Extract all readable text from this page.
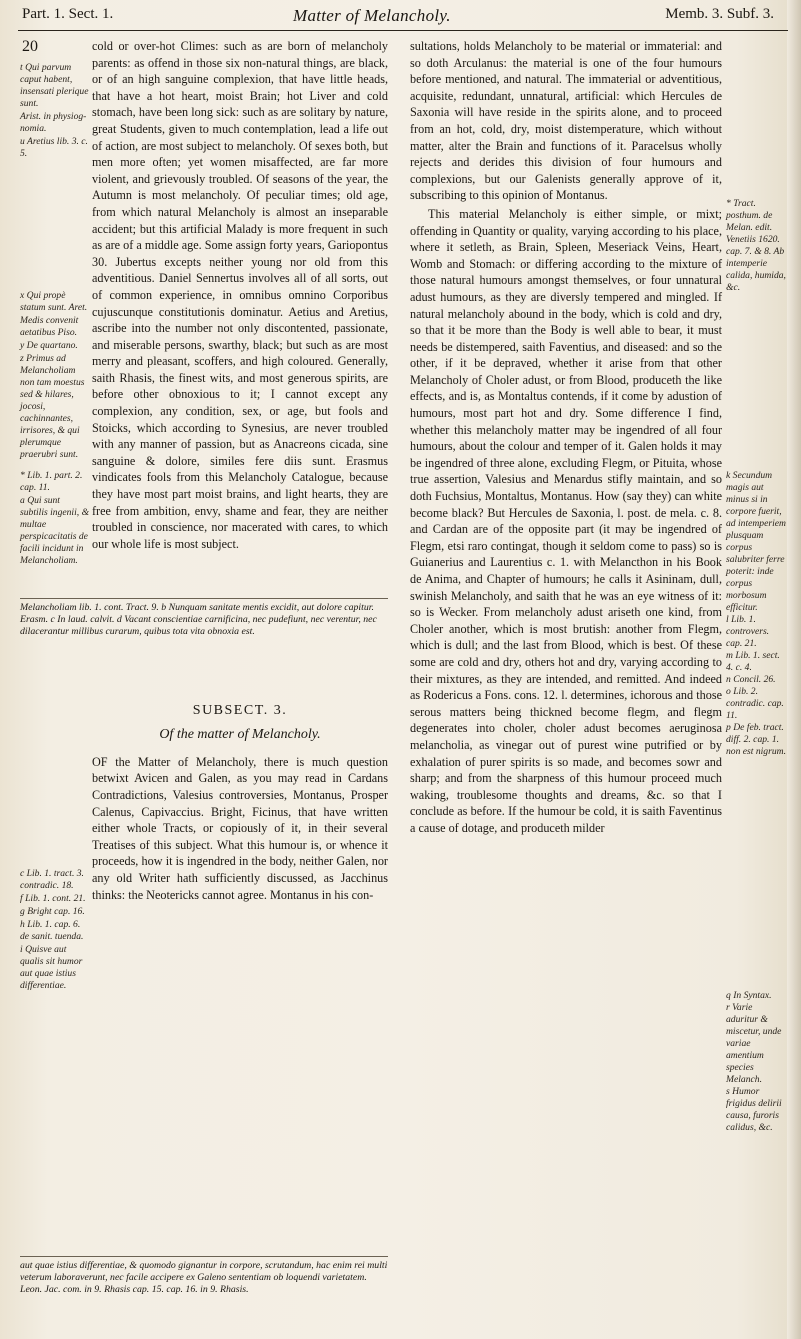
Part. 1. Sect. 1.	Matter of Melancholy.	Memb. 3. Subf. 3.
20
t Qui parvum caput habent, insensati plerique sunt.
Arist. in physiog-nomia.
u Aretius lib. 3. c. 5.
x Qui propè statum sunt. Aret.
Medis convenit aetatibus Piso.
y De quartano.
z Primus ad Melancholiam non tam moestus sed & hilares, jocosi, cachinnantes, irrisores, & qui plerumque praerubri sunt.
* Lib. 1. part. 2. cap. 11.
a Qui sunt subtilis ingenii, & multae perspicacitatis de facili incidunt in Melancholiam.
c Lib. 1. tract. 3. contradic. 18.
f Lib. 1. cont. 21.
g Bright cap. 16.
h Lib. 1. cap. 6. de sanit. tuenda.
i Quisve aut qualis sit humor aut quae istius differentiae.

cold or over-hot Climes: such as are born of melancholy parents: as offend in those six non-natural things, are black, or of an high sanguine complexion, that have little heads, that have a hot heart, moist Brain; hot Liver and cold stomach, have been long sick: such as are solitary by nature, great Students, given to much contemplation, lead a life out of action, are most subject to melancholy. Of sexes both, but men more often; yet women misaffected, are far more violent, and grievously troubled. Of seasons of the year, the Autumn is most melancholy. Of peculiar times; old age, from which natural Melancholy is almost an inseparable accident; but this artificial Malady is more frequent in such as are of a middle age. Some assign forty years, Gariopontus 30. Jubertus excepts neither young nor old from this adventitious. Daniel Sennertus involves all of all sorts, out of common experience, in omnibus omnino Corporibus cujuscunque constitutionis dominatur. Aetius and Aretius, ascribe into the number not only discontented, passionate, and miserable persons, swarthy, black; but such as are most merry and pleasant, scoffers, and high coloured. Generally, saith Rhasis, the finest wits, and most generous spirits, are before other obnoxious to it; I cannot except any complexion, any condition, sex, or age, but fools and Stoicks, which according to Synesius, are never troubled with any manner of passion, but as Anacreons cicada, sine sanguine & dolore, similes fere diis sunt. Erasmus vindicates fools from this Melancholy Catalogue, because they have most part moist brains, and light hearts, they are free from ambition, envy, shame and fear, they are neither troubled in conscience, nor macerated with cares, to which our whole life is most subject.

SUBSECT. 3.
Of the matter of Melancholy.

OF the Matter of Melancholy, there is much question betwixt Avicen and Galen, as you may read in Cardans Contradictions, Valesius controversies, Montanus, Prosper Calenus, Capivaccius. Bright, Ficinus, that have written either whole Tracts, or copiously of it, in their several Treatises of this subject. What this humour is, or whence it proceeds, how it is ingendred in the body, neither Galen, nor any old Writer hath sufficiently discussed, as Jacchinus thinks: the Neotericks cannot agree. Montanus in his con-

Melancholiam lib. 1. cont. Tract. 9. b Nunquam sanitate mentis excidit, aut dolore capitur. Erasm. c In laud. calvit. d Vacant conscientiae carnificina, nec pudefiunt, nec verentur, nec dilacerantur millibus curarum, quibus tota vita obnoxia est.

sultations, holds Melancholy to be material or immaterial: and so doth Arculanus: the material is one of the four humours before mentioned, and natural. The immaterial or adventitious, acquisite, redundant, unnatural, artificial: which Hercules de Saxonia will have reside in the spirits alone, and to proceed from an hot, cold, dry, moist distemperature, which without matter, alter the Brain and functions of it. Paracelsus wholly rejects and derides this division of four humours and complexions, but our Galenists generally approve of it, subscribing to this opinion of Montanus.

This material Melancholy is either simple, or mixt; offending in Quantity or quality, varying according to his place, where it setleth, as Brain, Spleen, Meseriack Veins, Heart, Womb and Stomach: or differing according to the mixture of those natural humours amongst themselves, or four unnatural adust humours, as they are diversly tempered and mingled. If natural melancholy abound in the body, which is cold and dry, so that it be more than the Body is well able to bear, it must needs be distempered, saith Faventius, and diseased: and so the other, if it be depraved, whether it arise from that other Melancholy of Choler adust, or from Blood, produceth the like effects, and is, as Montaltus contends, if it come by adustion of humours, most part hot and dry. Some difference I find, whether this melancholy matter may be ingendred of all four humours, about the colour and temper of it. Galen holds it may be ingendred of three alone, excluding Flegm, or Pituita, whose true assertion, Valesius and Menardus stifly maintain, and so doth Fuchsius, Montaltus, Montanus. How (say they) can white become black? But Hercules de Saxonia, l. post. de mela. c. 8. and Cardan are of the opposite part (it may be ingendred of Flegm, etsi raro contingat, though it seldom come to pass) so is Guianerius and Laurentius c. 1. with Melancthon in his Book de Anima, and Chapter of humours; he calls it Asininam, dull, swinish Melancholy, and saith that he was an eye witness of it: so is Wecker. From melancholy adust ariseth one kind, from Choler another, which is most brutish: another from Flegm, which is dull; and the last from Blood, which is best. Of these some are cold and dry, others hot and dry, varying according to their mixtures, as they are intended, and remitted. And indeed as Rodericus a Fons. cons. 12. l. determines, ichorous and those serous matters being thickned become flegm, and flegm degenerates into choler, choler adust becomes aeruginosa melancholia, as vinegar out of purest wine putrified or by exhalation of purer spirits is so made, and becomes sowr and sharp; and from the sharpness of this humour proceed much waking, troublesome thoughts and dreams, &c. so that I conclude as before. If the humour be cold, it is saith Faventinus a cause of dotage, and produceth milder

* Tract. posthum. de Melan. edit. Venetiis 1620. cap. 7. & 8. Ab intemperie calida, humida, &c.
k Secundum magis aut minus si in corpore fuerit, ad intemperiem plusquam corpus salubriter ferre poterit: inde corpus morbosum efficitur.
l Lib. 1. controvers. cap. 21.
m Lib. 1. sect. 4. c. 4.
n Concil. 26.
o Lib. 2. contradic. cap. 11.
p De feb. tract. diff. 2. cap. 1. non est nigrum.
q In Syntax.
r Varie aduritur & miscetur, unde variae amentium species Melanch.
s Humor frigidus delirii causa, furoris calidus, &c.
aut quae istius differentiae, & quomodo gignantur in corpore, scrutandum, hac enim rei multi veterum laboraverunt, nec facile accipere ex Galeno sententiam ob loquendi varietatem. Leon. Jac. com. in 9. Rhasis cap. 15. cap. 16. in 9. Rhasis.
